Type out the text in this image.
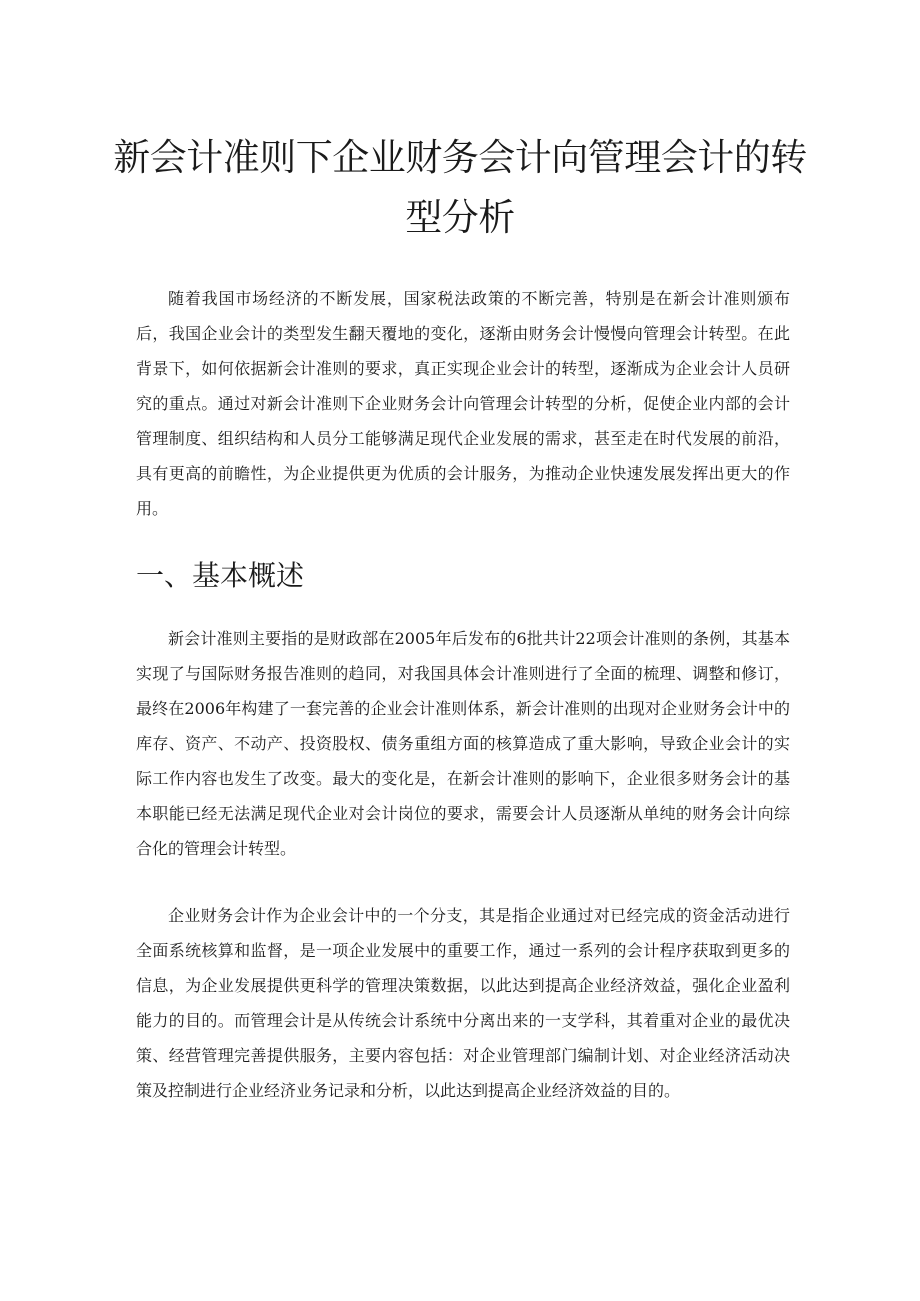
新会计准则下企业财务会计向管理会计的转
型分析

随着我国市场经济的不断发展，国家税法政策的不断完善，特别是在新会计准则颁布后，我国企业会计的类型发生翻天覆地的变化，逐渐由财务会计慢慢向管理会计转型。在此背景下，如何依据新会计准则的要求，真正实现企业会计的转型，逐渐成为企业会计人员研究的重点。通过对新会计准则下企业财务会计向管理会计转型的分析，促使企业内部的会计管理制度、组织结构和人员分工能够满足现代企业发展的需求，甚至走在时代发展的前沿，具有更高的前瞻性，为企业提供更为优质的会计服务，为推动企业快速发展发挥出更大的作用。

一、基本概述

新会计准则主要指的是财政部在2005年后发布的6批共计22项会计准则的条例，其基本实现了与国际财务报告准则的趋同，对我国具体会计准则进行了全面的梳理、调整和修订，最终在2006年构建了一套完善的企业会计准则体系，新会计准则的出现对企业财务会计中的库存、资产、不动产、投资股权、债务重组方面的核算造成了重大影响，导致企业会计的实际工作内容也发生了改变。最大的变化是，在新会计准则的影响下，企业很多财务会计的基本职能已经无法满足现代企业对会计岗位的要求，需要会计人员逐渐从单纯的财务会计向综合化的管理会计转型。

企业财务会计作为企业会计中的一个分支，其是指企业通过对已经完成的资金活动进行全面系统核算和监督，是一项企业发展中的重要工作，通过一系列的会计程序获取到更多的信息，为企业发展提供更科学的管理决策数据，以此达到提高企业经济效益，强化企业盈利能力的目的。而管理会计是从传统会计系统中分离出来的一支学科，其着重对企业的最优决策、经营管理完善提供服务，主要内容包括：对企业管理部门编制计划、对企业经济活动决策及控制进行企业经济业务记录和分析，以此达到提高企业经济效益的目的。
